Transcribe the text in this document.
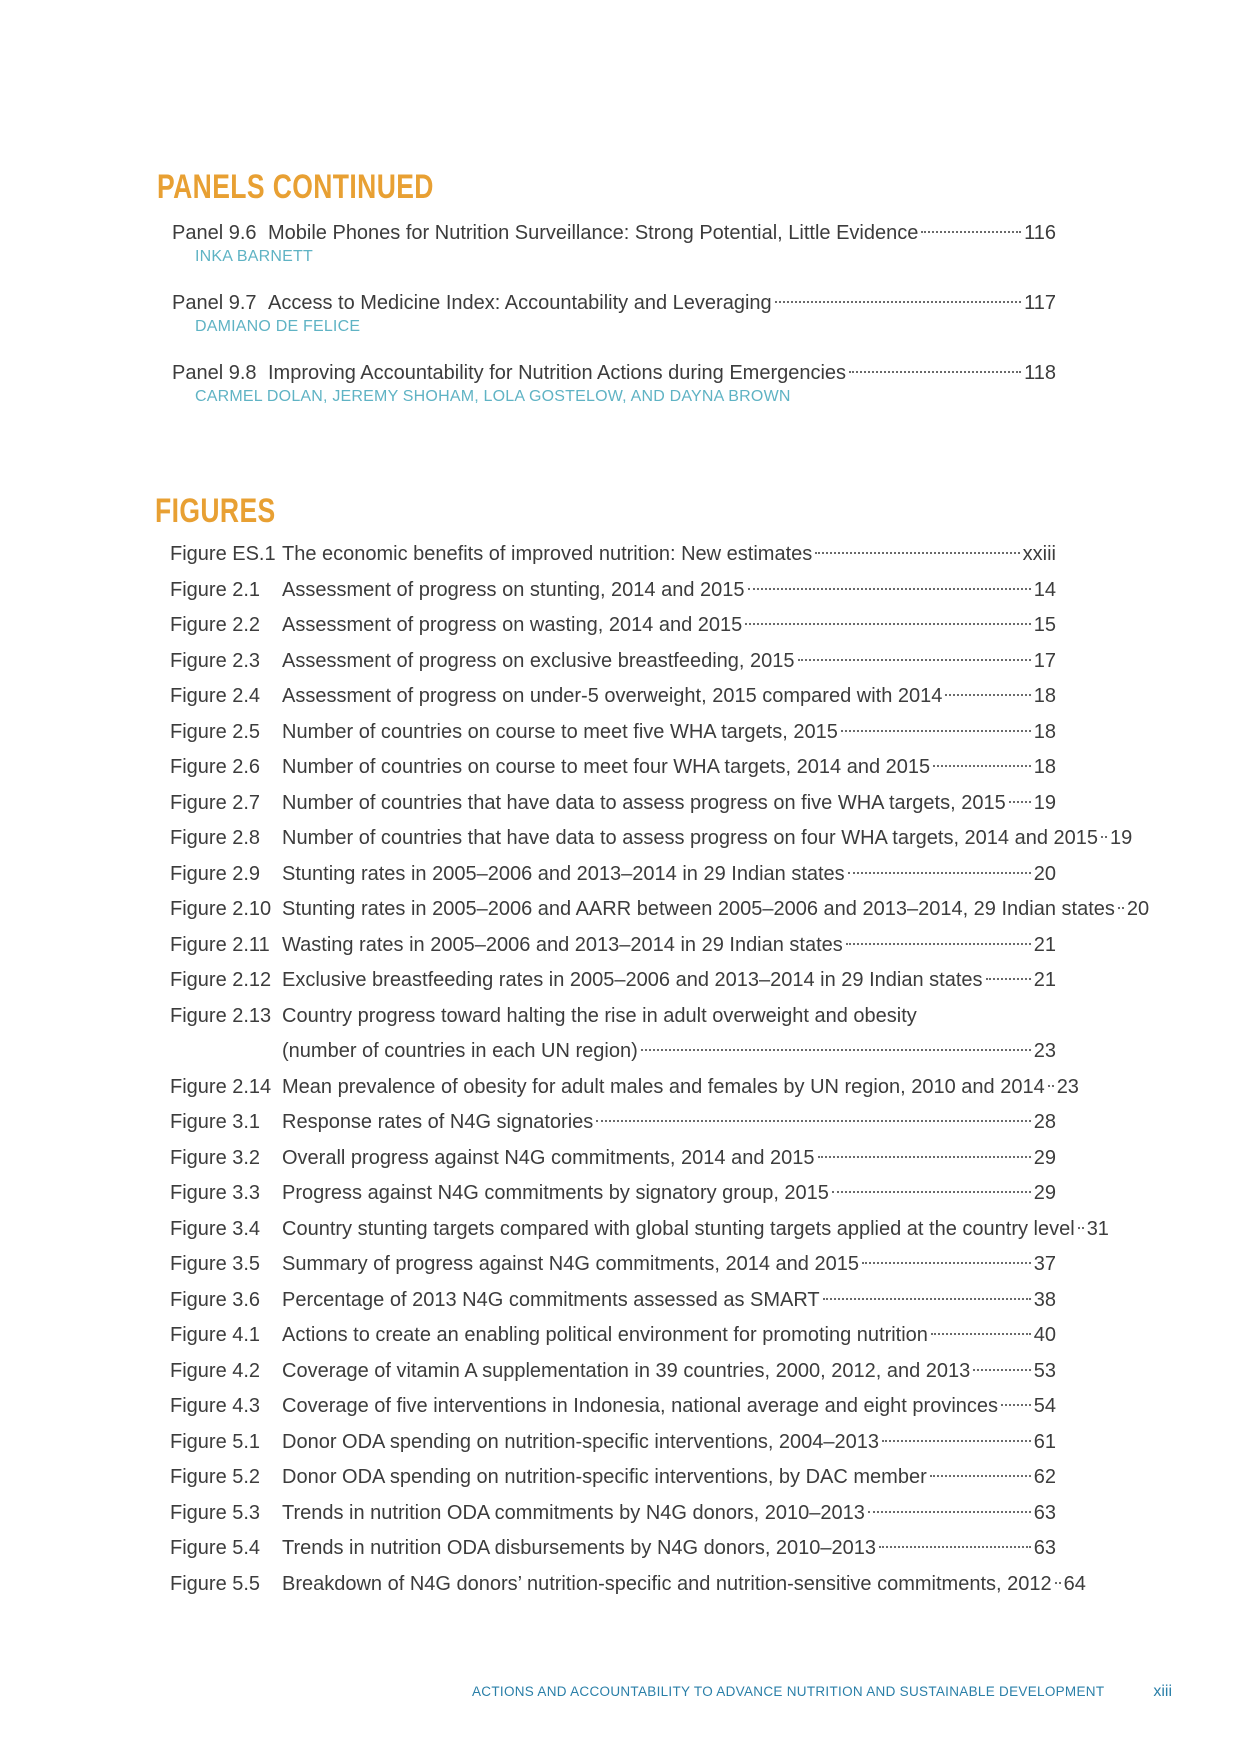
PANELS CONTINUED
Panel 9.6 Mobile Phones for Nutrition Surveillance: Strong Potential, Little Evidence	116
INKA BARNETT
Panel 9.7 Access to Medicine Index: Accountability and Leveraging	117
DAMIANO DE FELICE
Panel 9.8 Improving Accountability for Nutrition Actions during Emergencies	118
CARMEL DOLAN, JEREMY SHOHAM, LOLA GOSTELOW, AND DAYNA BROWN
FIGURES
Figure ES.1 The economic benefits of improved nutrition: New estimates	xxiii
Figure 2.1	Assessment of progress on stunting, 2014 and 2015	14
Figure 2.2	Assessment of progress on wasting, 2014 and 2015	15
Figure 2.3	Assessment of progress on exclusive breastfeeding, 2015	17
Figure 2.4	Assessment of progress on under-5 overweight, 2015 compared with 2014	18
Figure 2.5	Number of countries on course to meet five WHA targets, 2015	18
Figure 2.6	Number of countries on course to meet four WHA targets, 2014 and 2015	18
Figure 2.7	Number of countries that have data to assess progress on five WHA targets, 2015 19
Figure 2.8	Number of countries that have data to assess progress on four WHA targets, 2014 and 2015 19
Figure 2.9	Stunting rates in 2005–2006 and 2013–2014 in 29 Indian states	20
Figure 2.10 Stunting rates in 2005–2006 and AARR between 2005–2006 and 2013–2014, 29 Indian states 20
Figure 2.11 Wasting rates in 2005–2006 and 2013–2014 in 29 Indian states	21
Figure 2.12 Exclusive breastfeeding rates in 2005–2006 and 2013–2014 in 29 Indian states	21
Figure 2.13 Country progress toward halting the rise in adult overweight and obesity
(number of countries in each UN region)	23
Figure 2.14 Mean prevalence of obesity for adult males and females by UN region, 2010 and 2014 23
Figure 3.1	Response rates of N4G signatories	28
Figure 3.2	Overall progress against N4G commitments, 2014 and 2015	29
Figure 3.3	Progress against N4G commitments by signatory group, 2015	29
Figure 3.4	Country stunting targets compared with global stunting targets applied at the country level 31
Figure 3.5	Summary of progress against N4G commitments, 2014 and 2015	37
Figure 3.6	Percentage of 2013 N4G commitments assessed as SMART	38
Figure 4.1	Actions to create an enabling political environment for promoting nutrition	40
Figure 4.2	Coverage of vitamin A supplementation in 39 countries, 2000, 2012, and 2013	53
Figure 4.3	Coverage of five interventions in Indonesia, national average and eight provinces 54
Figure 5.1	Donor ODA spending on nutrition-specific interventions, 2004–2013	61
Figure 5.2	Donor ODA spending on nutrition-specific interventions, by DAC member	62
Figure 5.3	Trends in nutrition ODA commitments by N4G donors, 2010–2013	63
Figure 5.4	Trends in nutrition ODA disbursements by N4G donors, 2010–2013	63
Figure 5.5	Breakdown of N4G donors’ nutrition-specific and nutrition-sensitive commitments, 2012 64
ACTIONS AND ACCOUNTABILITY TO ADVANCE NUTRITION AND SUSTAINABLE DEVELOPMENT	xiii
